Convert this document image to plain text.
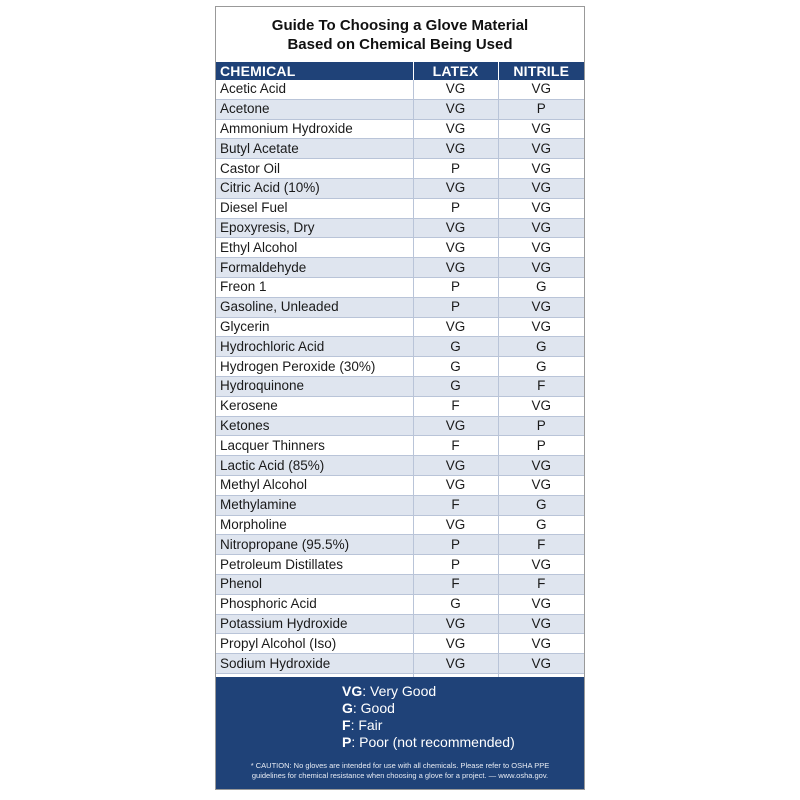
Guide To Choosing a Glove Material
Based on Chemical Being Used
CHEMICAL	LATEX	NITRILE
Acetic Acid	VG	VG
Acetone	VG	P
Ammonium Hydroxide	VG	VG
Butyl Acetate	VG	VG
Castor Oil	P	VG
Citric Acid (10%)	VG	VG
Diesel Fuel	P	VG
Epoxyresis, Dry	VG	VG
Ethyl Alcohol	VG	VG
Formaldehyde	VG	VG
Freon 1	P	G
Gasoline, Unleaded	P	VG
Glycerin	VG	VG
Hydrochloric Acid	G	G
Hydrogen Peroxide (30%)	G	G
Hydroquinone	G	F
Kerosene	F	VG
Ketones	VG	P
Lacquer Thinners	F	P
Lactic Acid (85%)	VG	VG
Methyl Alcohol	VG	VG
Methylamine	F	G
Morpholine	VG	G
Nitropropane (95.5%)	P	F
Petroleum Distillates	P	VG
Phenol	F	F
Phosphoric Acid	G	VG
Potassium Hydroxide	VG	VG
Propyl Alcohol (Iso)	VG	VG
Sodium Hydroxide	VG	VG

VG: Very Good
G: Good
F: Fair
P: Poor (not recommended)
* CAUTION: No gloves are intended for use with all chemicals. Please refer to OSHA PPE
guidelines for chemical resistance when choosing a glove for a project. — www.osha.gov.
